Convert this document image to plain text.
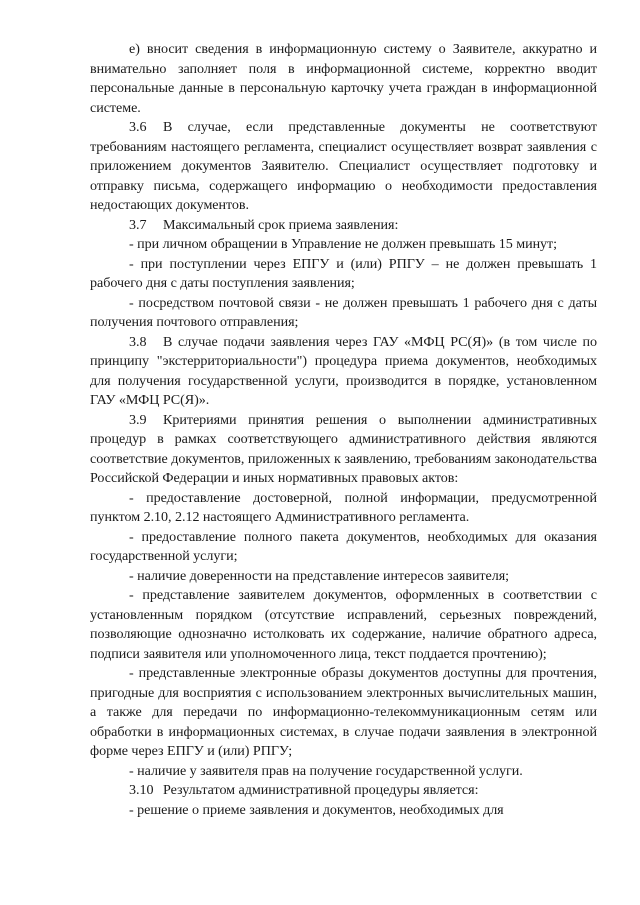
е) вносит сведения в информационную систему о Заявителе, аккуратно и внимательно заполняет поля в информационной системе, корректно вводит персональные данные в персональную карточку учета граждан в информационной системе.

3.6 В случае, если представленные документы не соответствуют требованиям настоящего регламента, специалист осуществляет возврат заявления с приложением документов Заявителю. Специалист осуществляет подготовку и отправку письма, содержащего информацию о необходимости предоставления недостающих документов.

3.7 Максимальный срок приема заявления:

- при личном обращении в Управление не должен превышать 15 минут;

- при поступлении через ЕПГУ и (или) РПГУ – не должен превышать 1 рабочего дня с даты поступления заявления;

- посредством почтовой связи - не должен превышать 1 рабочего дня с даты получения почтового отправления;

3.8 В случае подачи заявления через ГАУ «МФЦ РС(Я)» (в том числе по принципу "экстерриториальности") процедура приема документов, необходимых для получения государственной услуги, производится в порядке, установленном ГАУ «МФЦ РС(Я)».

3.9 Критериями принятия решения о выполнении административных процедур в рамках соответствующего административного действия являются соответствие документов, приложенных к заявлению, требованиям законодательства Российской Федерации и иных нормативных правовых актов:

- предоставление достоверной, полной информации, предусмотренной пунктом 2.10, 2.12 настоящего Административного регламента.

- предоставление полного пакета документов, необходимых для оказания государственной услуги;

- наличие доверенности на представление интересов заявителя;

- представление заявителем документов, оформленных в соответствии с установленным порядком (отсутствие исправлений, серьезных повреждений, позволяющие однозначно истолковать их содержание, наличие обратного адреса, подписи заявителя или уполномоченного лица, текст поддается прочтению);

- представленные электронные образы документов доступны для прочтения, пригодные для восприятия с использованием электронных вычислительных машин, а также для передачи по информационно-телекоммуникационным сетям или обработки в информационных системах, в случае подачи заявления в электронной форме через ЕПГУ и (или) РПГУ;

- наличие у заявителя прав на получение государственной услуги.

3.10 Результатом административной процедуры является:

- решение о приеме заявления и документов, необходимых для
